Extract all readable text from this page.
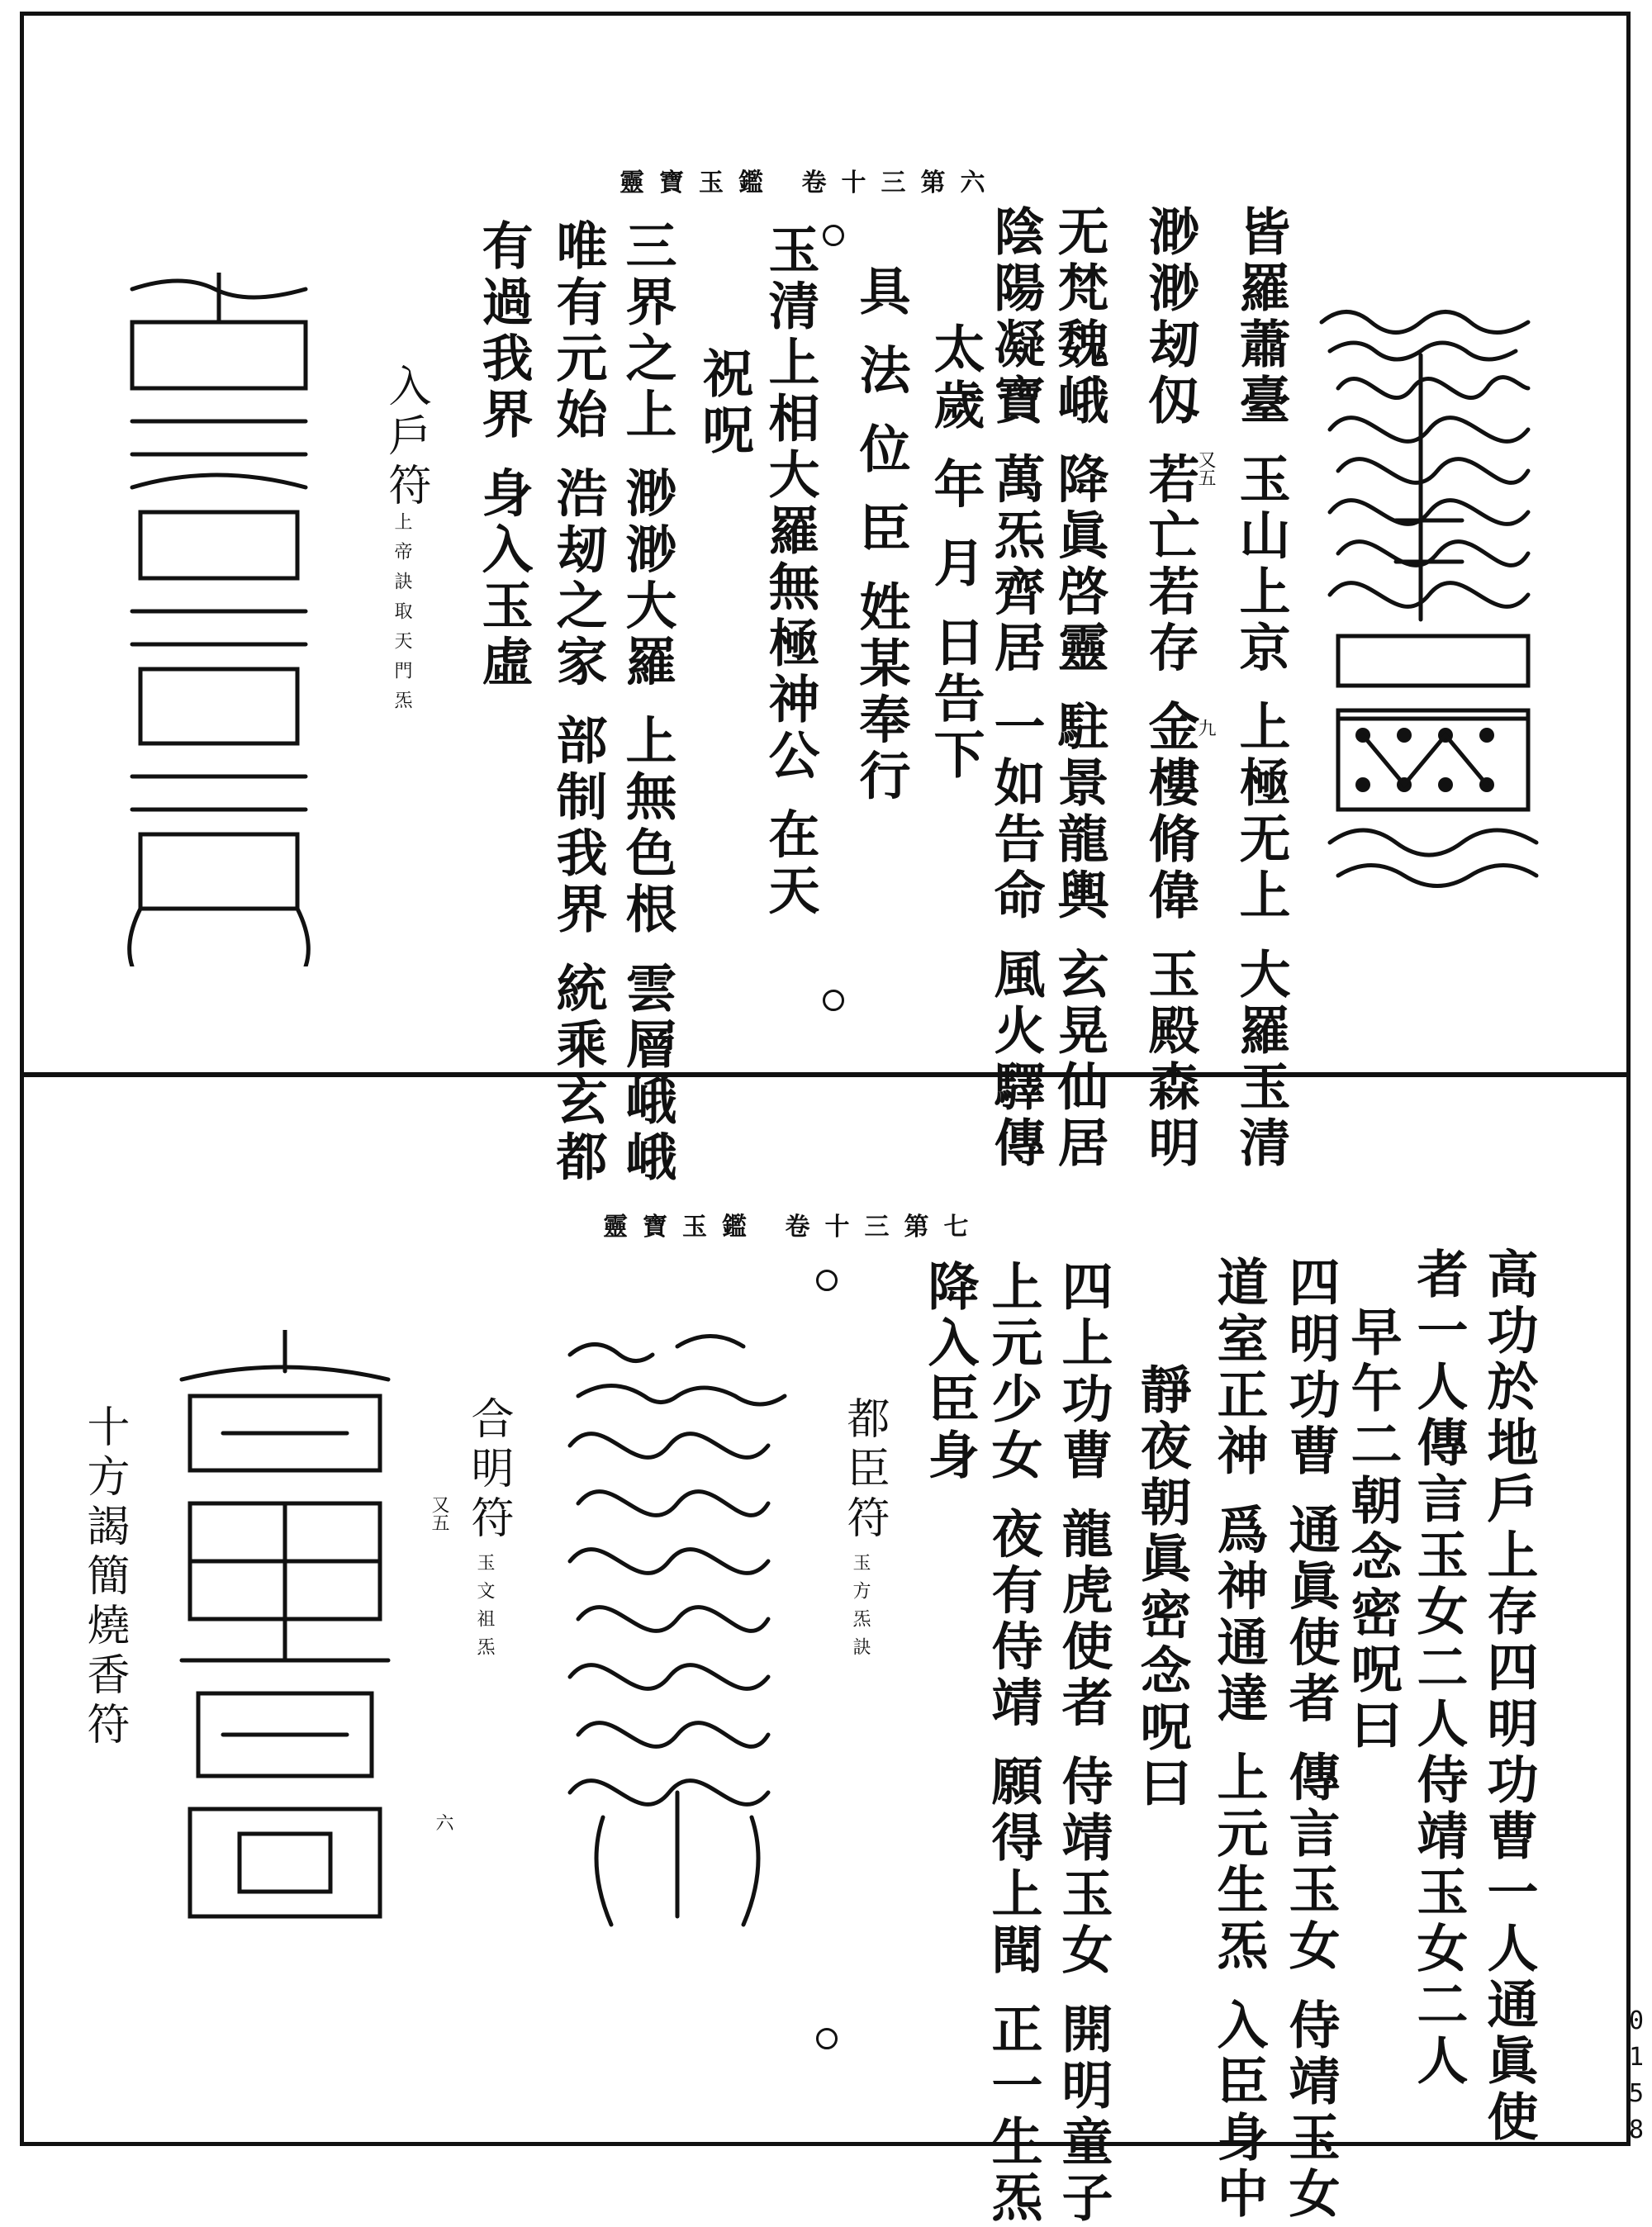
靈寶玉鑑 卷十三第六
皆羅蕭臺 玉山上京 上極无上 大羅玉清
渺渺刼仭 若亡若存 金樓脩偉 玉殿森明
无梵魏峨 降眞啓靈 駐景龍輿 玄晃仙居
陰陽凝寶 萬炁齊居 一如告命 風火驛傳
太歲 年 月 日告下
具 法 位 臣 姓某奉行
玉清上相大羅無極神公 在天
祝呪
三界之上 渺渺大羅 上無色根 雲層峨峨
唯有元始 浩刼之家 部制我界 統乘玄都
有過我界 身入玉虛	又五
九
入戶符
上帝訣取天門炁
靈寶玉鑑 卷十三第七
高功於地戶上存四明功曹一人通眞使
者一人傳言玉女二人侍靖玉女二人
早午二朝念密呪曰
四明功曹 通眞使者 傳言玉女 侍靖玉女
道室正神 爲神通達 上元生炁 入臣身中
靜夜朝眞密念呪曰
四上功曹 龍虎使者 侍靖玉女 開明童子
上元少女 夜有侍靖 願得上聞 正一生炁
降入臣身
都臣符
玉方炁訣
合明符
玉文祖炁
又五
十方謁簡燒香符
六
0158
